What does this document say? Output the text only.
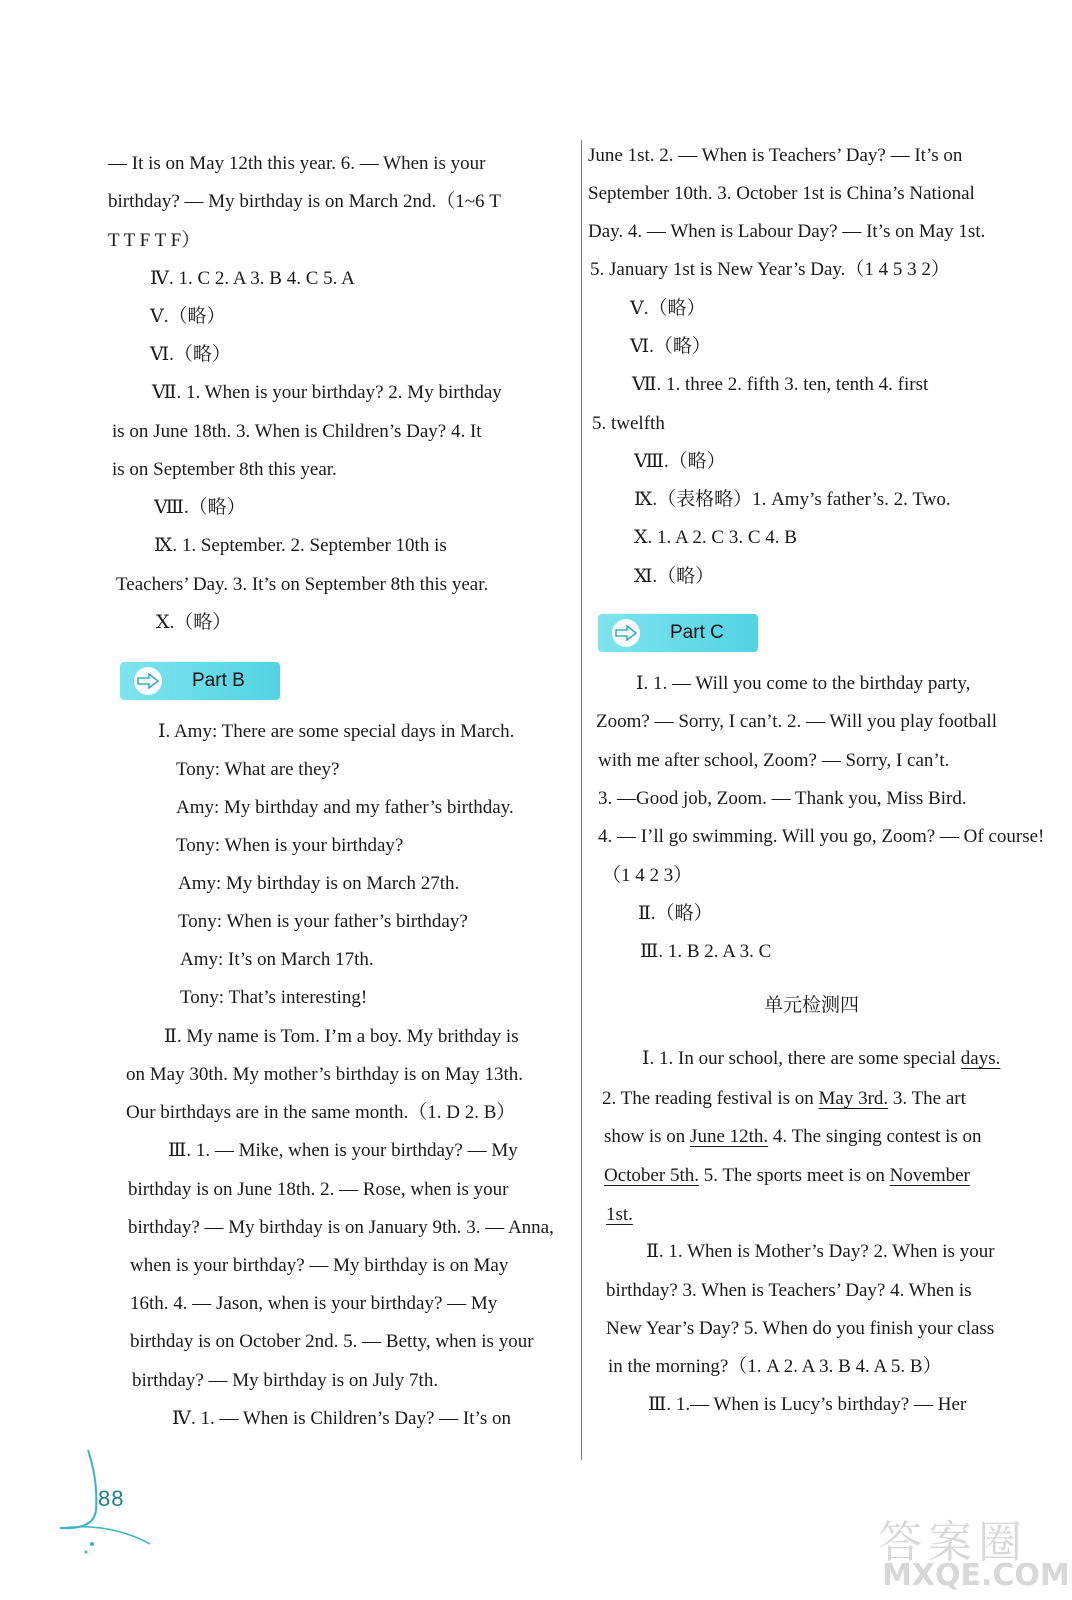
— It is on May 12th this year. 6. — When is your
birthday? — My birthday is on March 2nd.（1~6 T
T T F T F）
Ⅳ. 1. C 2. A 3. B 4. C 5. A
Ⅴ.（略）
Ⅵ.（略）
Ⅶ. 1. When is your birthday? 2. My birthday
is on June 18th. 3. When is Children’s Day? 4. It
is on September 8th this year.
Ⅷ.（略）
Ⅸ. 1. September. 2. September 10th is
Teachers’ Day. 3. It’s on September 8th this year.
Ⅹ.（略）
Part B
Ⅰ. Amy: There are some special days in March.
Tony: What are they?
Amy: My birthday and my father’s birthday.
Tony: When is your birthday?
Amy: My birthday is on March 27th.
Tony: When is your father’s birthday?
Amy: It’s on March 17th.
Tony: That’s interesting!
Ⅱ. My name is Tom. I’m a boy. My brithday is
on May 30th. My mother’s birthday is on May 13th.
Our birthdays are in the same month.（1. D 2. B）
Ⅲ. 1. — Mike, when is your birthday? — My
birthday is on June 18th. 2. — Rose, when is your
birthday? — My birthday is on January 9th. 3. — Anna,
when is your birthday? — My birthday is on May
16th. 4. — Jason, when is your birthday? — My
birthday is on October 2nd. 5. — Betty, when is your
birthday? — My birthday is on July 7th.
Ⅳ. 1. — When is Children’s Day? — It’s on
June 1st. 2. — When is Teachers’ Day? — It’s on
September 10th. 3. October 1st is China’s National
Day. 4. — When is Labour Day? — It’s on May 1st.
5. January 1st is New Year’s Day.（1 4 5 3 2）
Ⅴ.（略）
Ⅵ.（略）
Ⅶ. 1. three 2. fifth 3. ten, tenth 4. first
5. twelfth
Ⅷ.（略）
Ⅸ.（表格略）1. Amy’s father’s. 2. Two.
Ⅹ. 1. A 2. C 3. C 4. B
Ⅺ.（略）
Part C
Ⅰ. 1. — Will you come to the birthday party,
Zoom? — Sorry, I can’t. 2. — Will you play football
with me after school, Zoom? — Sorry, I can’t.
3. —Good job, Zoom. — Thank you, Miss Bird.
4. — I’ll go swimming. Will you go, Zoom? — Of course!
（1 4 2 3）
Ⅱ.（略）
Ⅲ. 1. B 2. A 3. C
单元检测四
Ⅰ. 1. In our school, there are some special days.
2. The reading festival is on May 3rd. 3. The art
show is on June 12th. 4. The singing contest is on
October 5th. 5. The sports meet is on November
1st.
Ⅱ. 1. When is Mother’s Day? 2. When is your
birthday? 3. When is Teachers’ Day? 4. When is
New Year’s Day? 5. When do you finish your class
in the morning?（1. A 2. A 3. B 4. A 5. B）
Ⅲ. 1.— When is Lucy’s birthday? — Her
88
答案圈
MXQE.COM
